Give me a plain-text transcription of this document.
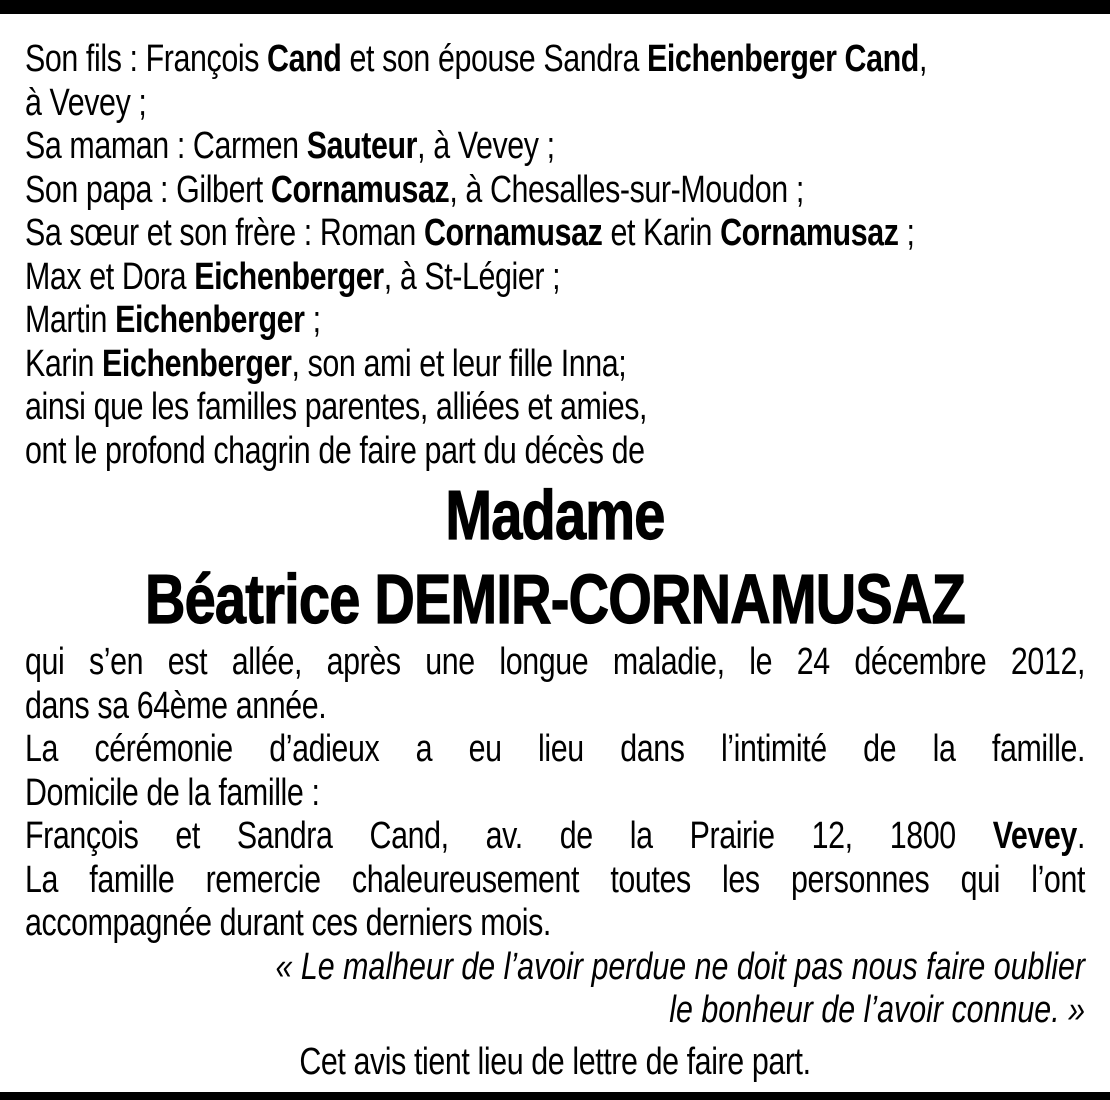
Son fils : François Cand et son épouse Sandra Eichenberger Cand,
à Vevey ;
Sa maman : Carmen Sauteur, à Vevey ;
Son papa : Gilbert Cornamusaz, à Chesalles-sur-Moudon ;
Sa sœur et son frère : Roman Cornamusaz et Karin Cornamusaz ;
Max et Dora Eichenberger, à St-Légier ;
Martin Eichenberger ;
Karin Eichenberger, son ami et leur fille Inna;
ainsi que les familles parentes, alliées et amies,
ont le profond chagrin de faire part du décès de
Madame
Béatrice DEMIR-CORNAMUSAZ
qui s’en est allée, après une longue maladie, le 24 décembre 2012,
dans sa 64ème année.
La cérémonie d’adieux a eu lieu dans l’intimité de la famille.
Domicile de la famille :
François et Sandra Cand, av. de la Prairie 12, 1800 Vevey.
La famille remercie chaleureusement toutes les personnes qui l’ont
accompagnée durant ces derniers mois.
« Le malheur de l’avoir perdue ne doit pas nous faire oublier
le bonheur de l’avoir connue. »
Cet avis tient lieu de lettre de faire part.
